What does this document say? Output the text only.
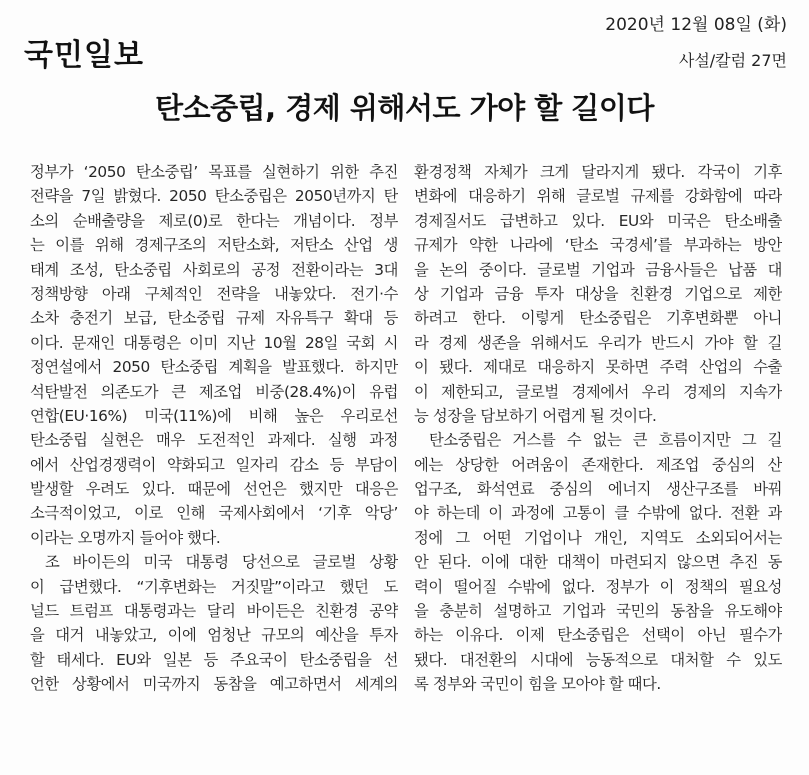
국민일보
2020년 12월 08일 (화)
사설/칼럼 27면
탄소중립, 경제 위해서도 가야 할 길이다
정부가 ‘2050 탄소중립’ 목표를 실현하기 위한 추진
전략을 7일 밝혔다. 2050 탄소중립은 2050년까지 탄
소의 순배출량을 제로(0)로 한다는 개념이다. 정부
는 이를 위해 경제구조의 저탄소화, 저탄소 산업 생
태계 조성, 탄소중립 사회로의 공정 전환이라는 3대
정책방향 아래 구체적인 전략을 내놓았다. 전기·수
소차 충전기 보급, 탄소중립 규제 자유특구 확대 등
이다. 문재인 대통령은 이미 지난 10월 28일 국회 시
정연설에서 2050 탄소중립 계획을 발표했다. 하지만
석탄발전 의존도가 큰 제조업 비중(28.4%)이 유럽
연합(EU·16%) 미국(11%)에 비해 높은 우리로선
탄소중립 실현은 매우 도전적인 과제다. 실행 과정
에서 산업경쟁력이 약화되고 일자리 감소 등 부담이
발생할 우려도 있다. 때문에 선언은 했지만 대응은
소극적이었고, 이로 인해 국제사회에서 ‘기후 악당’
이라는 오명까지 들어야 했다.
조 바이든의 미국 대통령 당선으로 글로벌 상황
이 급변했다. “기후변화는 거짓말”이라고 했던 도
널드 트럼프 대통령과는 달리 바이든은 친환경 공약
을 대거 내놓았고, 이에 엄청난 규모의 예산을 투자
할 태세다. EU와 일본 등 주요국이 탄소중립을 선
언한 상황에서 미국까지 동참을 예고하면서 세계의
환경정책 자체가 크게 달라지게 됐다. 각국이 기후
변화에 대응하기 위해 글로벌 규제를 강화함에 따라
경제질서도 급변하고 있다. EU와 미국은 탄소배출
규제가 약한 나라에 ‘탄소 국경세’를 부과하는 방안
을 논의 중이다. 글로벌 기업과 금융사들은 납품 대
상 기업과 금융 투자 대상을 친환경 기업으로 제한
하려고 한다. 이렇게 탄소중립은 기후변화뿐 아니
라 경제 생존을 위해서도 우리가 반드시 가야 할 길
이 됐다. 제대로 대응하지 못하면 주력 산업의 수출
이 제한되고, 글로벌 경제에서 우리 경제의 지속가
능 성장을 담보하기 어렵게 될 것이다.
탄소중립은 거스를 수 없는 큰 흐름이지만 그 길
에는 상당한 어려움이 존재한다. 제조업 중심의 산
업구조, 화석연료 중심의 에너지 생산구조를 바꿔
야 하는데 이 과정에 고통이 클 수밖에 없다. 전환 과
정에 그 어떤 기업이나 개인, 지역도 소외되어서는
안 된다. 이에 대한 대책이 마련되지 않으면 추진 동
력이 떨어질 수밖에 없다. 정부가 이 정책의 필요성
을 충분히 설명하고 기업과 국민의 동참을 유도해야
하는 이유다. 이제 탄소중립은 선택이 아닌 필수가
됐다. 대전환의 시대에 능동적으로 대처할 수 있도
록 정부와 국민이 힘을 모아야 할 때다.
